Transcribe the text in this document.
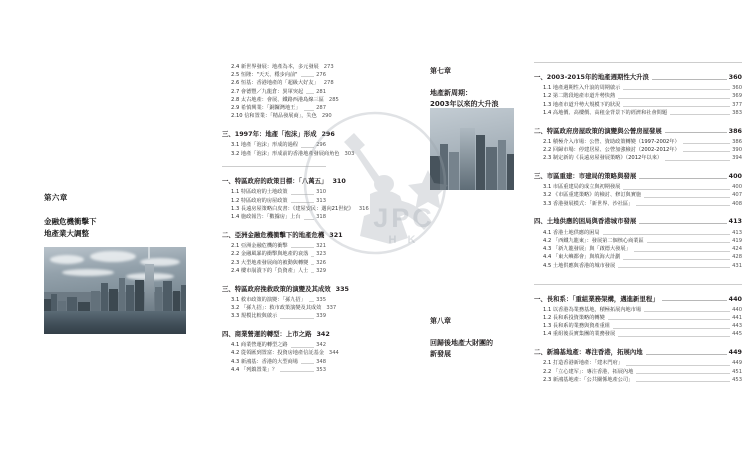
第六章
金融危機衝擊下
地產業大調整
2.4 新世界發展：地產為本，多元發展 273
2.5 恒隆："天天、穩步向前"	276
2.6 恒基：香港地產的「超級大好友」 278
2.7 會德豐／九龍倉：異軍突起 281
2.8 太古地產：會展、鐵路西港島線三區 285
2.9 希慎興業：「銅鑼灣地王」	287
2.10 信和置業：「精品發展商」，失色 290
三、1997年：地產「泡沫」形成 296
3.1 地產「泡沫」形成的過程	296
3.2 地產「泡沫」形成前的香港地產發展商角色 303
一、特區政府的政策目標：「八萬五」 310
1.1 特區政府的土地政策	310
1.2 特區政府的房屋政策	313
1.3 長遠房屋策略白皮書：《建屋安民：邁向21世紀》 316
1.4 施政報告：「數據房」上台	318
二、亞洲金融危機衝擊下的地產危機 321
2.1 亞洲金融危機的衝擊	321
2.2 金融風暴的衝擊與地產的衰落 323
2.3 大型地產發展商的被動與轉變 326
2.4 樓市崩潰下的「負資產」人士 329
三、特區政府挽救政策的演變及其成效 335
3.1 救市政策的演變：「孫九招」 335
3.2 「孫九招」：救市政策演變及其成效 337
3.3 規模比較與啟示	339
四、商業營運的轉型：上市之路 342
4.1 商業營運的轉型之路	342
4.2 從領匯到置富：投資房地產信託基金 344
4.3 新鴻基：香港的大型商場	348
4.4 「列鎮置業」？	353
第七章
地產新周期：
2003年以來的大升浪
第八章
回歸後地產大財團的
新發展
一、2003-2015年的地產週期性大升浪	360
1.1 地產週期性入升浪的周期啟示	360
1.2 第二階段地產市道升勢快熱	369
1.3 地產市道升勢大規模下的狀況	377
1.4 高地價、高樓價、高租金背景下的經濟和社會問題	383
二、特區政府房屋政策的演變與公營房屋發展	386
2.1 積極介入市場：公營、資助政策轉變（1997-2002年）	386
2.2 回歸市場：停建居屋、公營加強檢討（2002-2012年）	390
2.3 制定新的《長遠房屋發展策略》（2012年以來）	394
三、市區重建：市建局的策略與發展	400
3.1 市區重建局的成立與初期發展	400
3.2 《市區重建策略》的檢討、修訂與實施	407
3.3 香港發展模式：「新世界、沙社區」	408
四、土地供應的困局與香港城市發展	413
4.1 香港土地供應的困局	413
4.2 「西鐵九龍東」：發展第二個核心商業區	419
4.3 「新九龍發展」與「啟德大發展」	424
4.4 「東大嶼都會」與填海大計劃	428
4.5 土地供應與香港的城市發展	431
一、長和系：「重組業務架構，邁進新里程」	440
1.1 以香港為業務基地，積極拓展內地市場	440
1.2 長和系投資策略的轉變	441
1.3 長和系的業務與資產重組	443
1.4 重組後長實集團的業務發展	445
二、新鴻基地產：專注香港，拓展內地	449
2.1 打造香港新地產：「建未門府」	449
2.2 「立心建军」：專注香港，拓展內地	451
2.3 新鴻基地產：「公共關係地產公司」	453
JPC
H K
